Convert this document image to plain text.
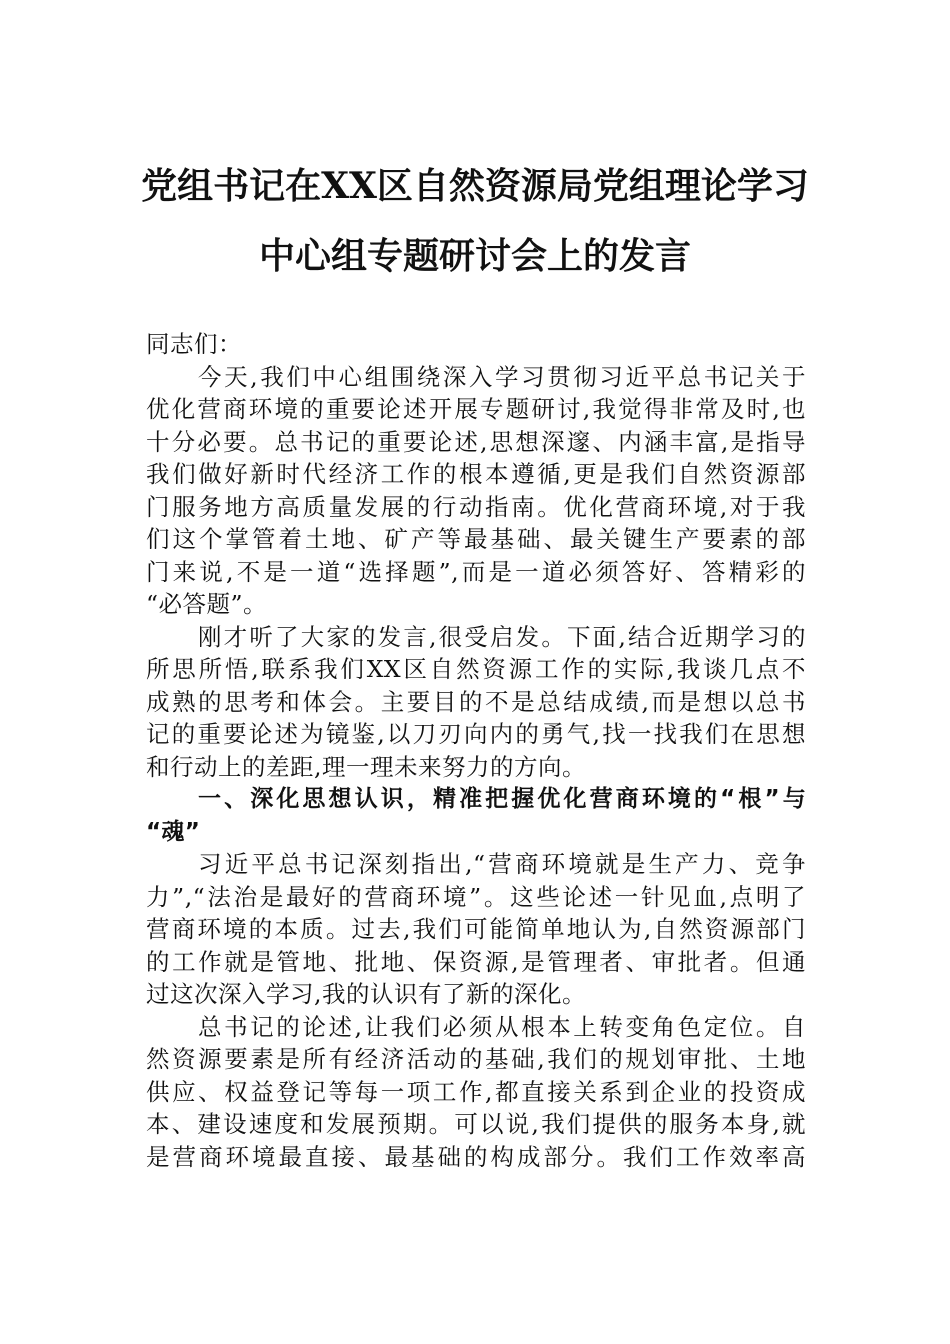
党组书记在XX区自然资源局党组理论学习
中心组专题研讨会上的发言
同志们：
今天,我们中心组围绕深入学习贯彻习近平总书记关于
优化营商环境的重要论述开展专题研讨,我觉得非常及时,也
十分必要。总书记的重要论述,思想深邃、内涵丰富,是指导
我们做好新时代经济工作的根本遵循,更是我们自然资源部
门服务地方高质量发展的行动指南。优化营商环境,对于我
们这个掌管着土地、矿产等最基础、最关键生产要素的部
门来说,不是一道“选择题”,而是一道必须答好、答精彩的
“必答题”。
刚才听了大家的发言,很受启发。下面,结合近期学习的
所思所悟,联系我们XX区自然资源工作的实际,我谈几点不
成熟的思考和体会。主要目的不是总结成绩,而是想以总书
记的重要论述为镜鉴,以刀刃向内的勇气,找一找我们在思想
和行动上的差距,理一理未来努力的方向。
一、深化思想认识，精准把握优化营商环境的“根”与
“魂”
习近平总书记深刻指出,“营商环境就是生产力、竞争
力”,“法治是最好的营商环境”。这些论述一针见血,点明了
营商环境的本质。过去,我们可能简单地认为,自然资源部门
的工作就是管地、批地、保资源,是管理者、审批者。但通
过这次深入学习,我的认识有了新的深化。
总书记的论述,让我们必须从根本上转变角色定位。自
然资源要素是所有经济活动的基础,我们的规划审批、土地
供应、权益登记等每一项工作,都直接关系到企业的投资成
本、建设速度和发展预期。可以说,我们提供的服务本身,就
是营商环境最直接、最基础的构成部分。我们工作效率高
